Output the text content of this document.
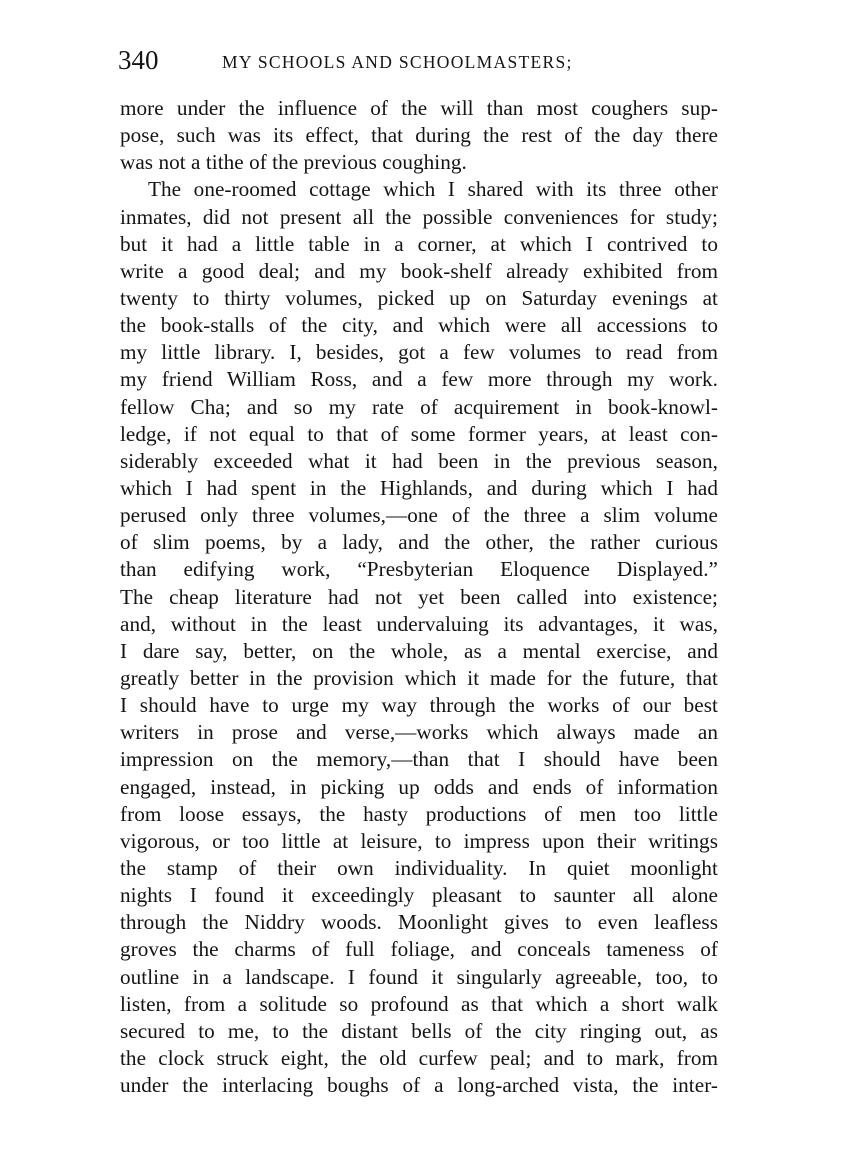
340	MY SCHOOLS AND SCHOOLMASTERS;
more under the influence of the will than most coughers sup-
pose, such was its effect, that during the rest of the day there
was not a tithe of the previous coughing.
The one-roomed cottage which I shared with its three other
inmates, did not present all the possible conveniences for study;
but it had a little table in a corner, at which I contrived to
write a good deal; and my book-shelf already exhibited from
twenty to thirty volumes, picked up on Saturday evenings at
the book-stalls of the city, and which were all accessions to
my little library. I, besides, got a few volumes to read from
my friend William Ross, and a few more through my work.
fellow Cha; and so my rate of acquirement in book-knowl-
ledge, if not equal to that of some former years, at least con-
siderably exceeded what it had been in the previous season,
which I had spent in the Highlands, and during which I had
perused only three volumes,—one of the three a slim volume
of slim poems, by a lady, and the other, the rather curious
than edifying work, “Presbyterian Eloquence Displayed.”
The cheap literature had not yet been called into existence;
and, without in the least undervaluing its advantages, it was,
I dare say, better, on the whole, as a mental exercise, and
greatly better in the provision which it made for the future, that
I should have to urge my way through the works of our best
writers in prose and verse,—works which always made an
impression on the memory,—than that I should have been
engaged, instead, in picking up odds and ends of information
from loose essays, the hasty productions of men too little
vigorous, or too little at leisure, to impress upon their writings
the stamp of their own individuality. In quiet moonlight
nights I found it exceedingly pleasant to saunter all alone
through the Niddry woods. Moonlight gives to even leafless
groves the charms of full foliage, and conceals tameness of
outline in a landscape. I found it singularly agreeable, too, to
listen, from a solitude so profound as that which a short walk
secured to me, to the distant bells of the city ringing out, as
the clock struck eight, the old curfew peal; and to mark, from
under the interlacing boughs of a long-arched vista, the inter-
